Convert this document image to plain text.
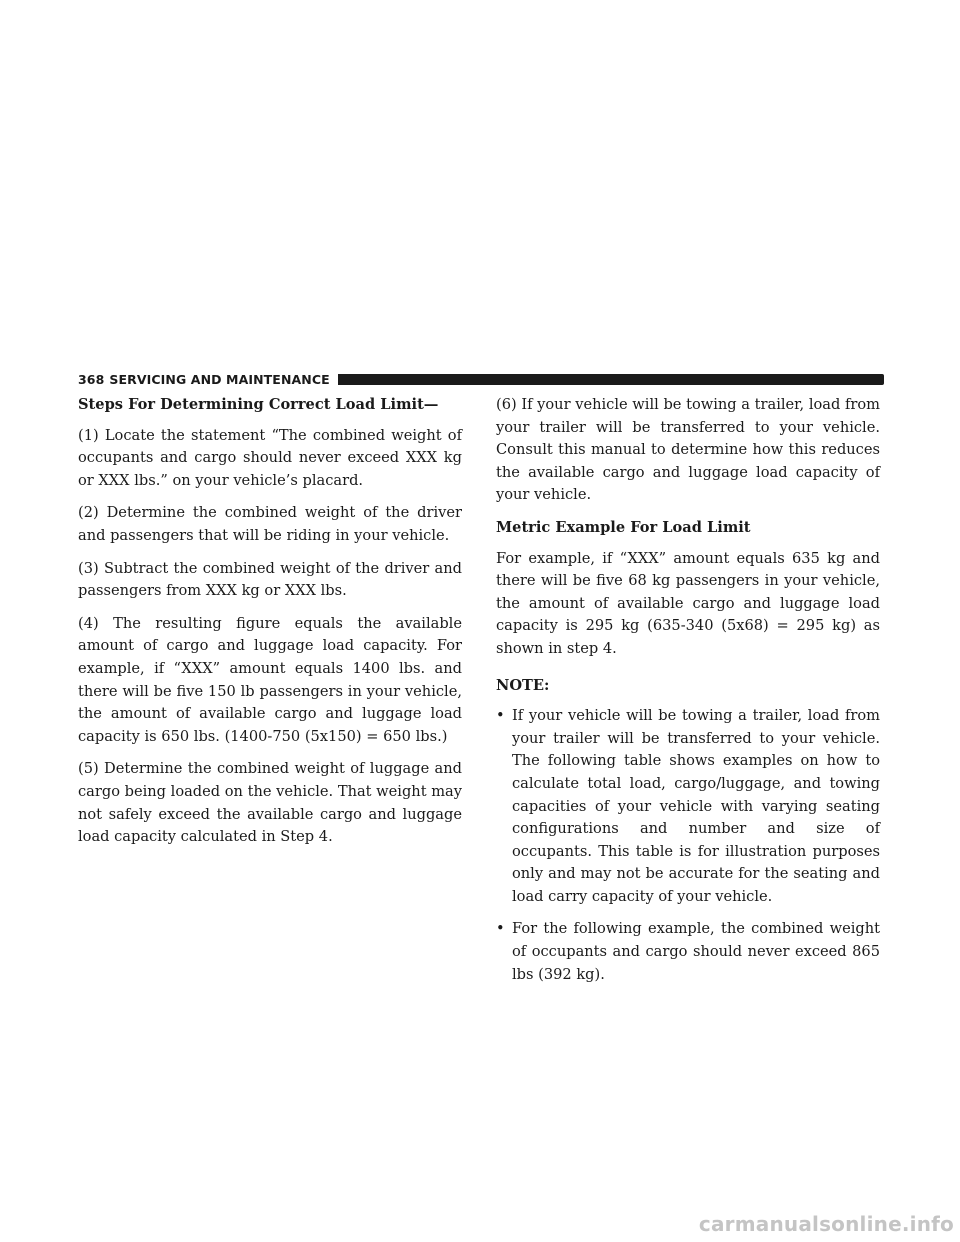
368 SERVICING AND MAINTENANCE

Steps For Determining Correct Load Limit—

(1) Locate the statement “The combined weight of occupants and cargo should never exceed XXX kg or XXX lbs.” on your vehicle’s placard.

(2) Determine the combined weight of the driver and passengers that will be riding in your vehicle.

(3) Subtract the combined weight of the driver and passengers from XXX kg or XXX lbs.

(4) The resulting figure equals the available amount of cargo and luggage load capacity. For example, if “XXX” amount equals 1400 lbs. and there will be five 150 lb passengers in your vehicle, the amount of available cargo and luggage load capacity is 650 lbs. (1400-750 (5x150) = 650 lbs.)

(5) Determine the combined weight of luggage and cargo being loaded on the vehicle. That weight may not safely exceed the available cargo and luggage load capacity calculated in Step 4.

(6) If your vehicle will be towing a trailer, load from your trailer will be transferred to your vehicle. Consult this manual to determine how this reduces the available cargo and luggage load capacity of your vehicle.

Metric Example For Load Limit

For example, if “XXX” amount equals 635 kg and there will be five 68 kg passengers in your vehicle, the amount of available cargo and luggage load capacity is 295 kg (635-340 (5x68) = 295 kg) as shown in step 4.

NOTE:

• If your vehicle will be towing a trailer, load from your trailer will be transferred to your vehicle. The following table shows examples on how to calculate total load, cargo/luggage, and towing capacities of your vehicle with varying seating configurations and number and size of occupants. This table is for illustration purposes only and may not be accurate for the seating and load carry capacity of your vehicle.
• For the following example, the combined weight of occupants and cargo should never exceed 865 lbs (392 kg).
carmanualsonline.info
